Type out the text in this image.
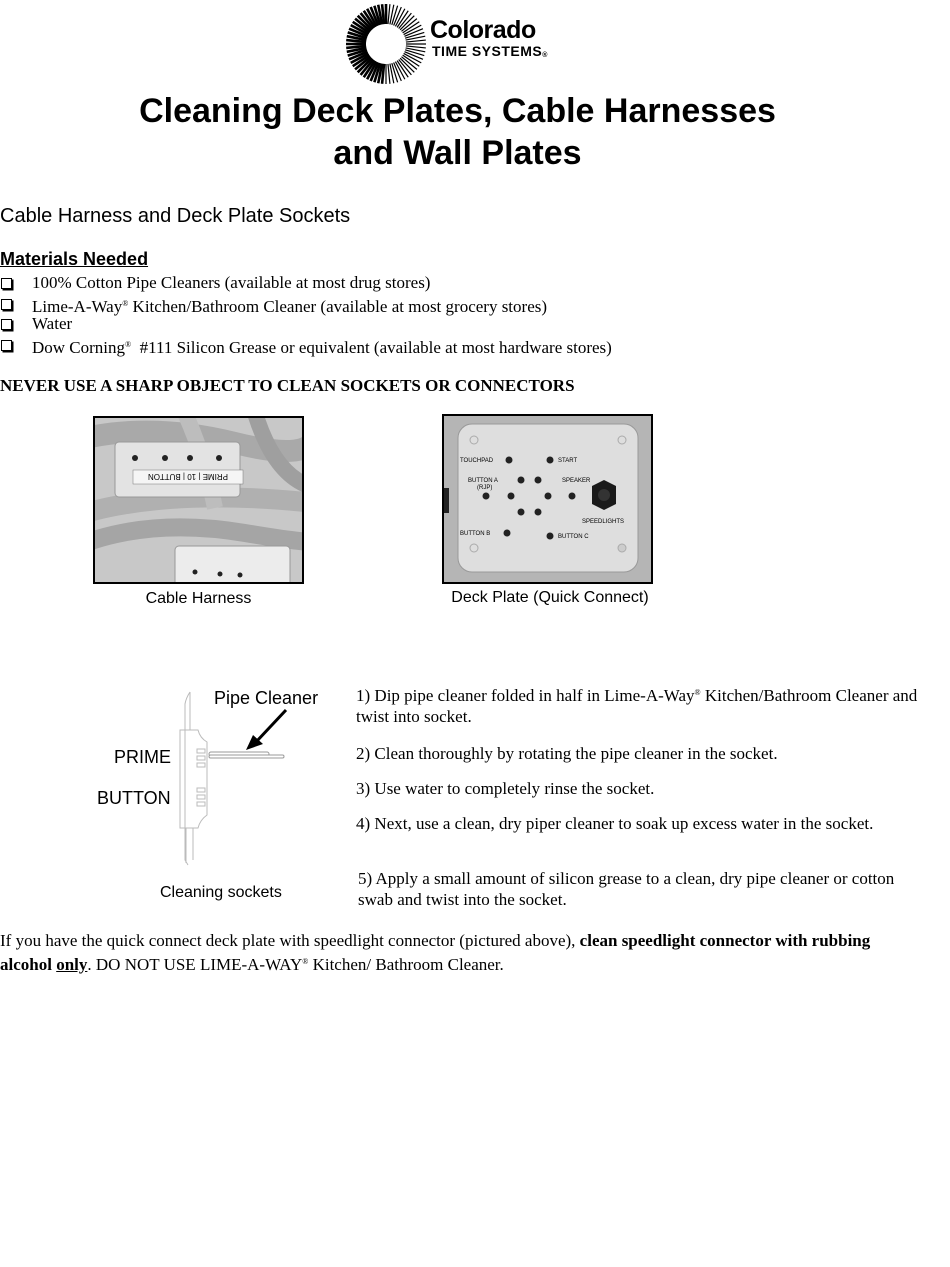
Colorado
TIME SYSTEMS®
Cleaning Deck Plates, Cable Harnesses
and Wall Plates
Cable Harness and Deck Plate Sockets
Materials Needed
100% Cotton Pipe Cleaners (available at most drug stores)
Lime-A-Way® Kitchen/Bathroom Cleaner (available at most grocery stores)
Water
Dow Corning®  #111 Silicon Grease or equivalent (available at most hardware stores)
NEVER USE A SHARP OBJECT TO CLEAN SOCKETS OR CONNECTORS
PRIME | 10 | BUTTON
Cable Harness
TOUCHPAD	START
BUTTON A
(RJP)
SPEAKER
SPEEDLIGHTS
BUTTON B	BUTTON C
Deck Plate (Quick Connect)
Pipe Cleaner
PRIME
BUTTON
Cleaning sockets

1) Dip pipe cleaner folded in half in Lime-A-Way® Kitchen/Bathroom Cleaner and twist into socket.

2) Clean thoroughly by rotating the pipe cleaner in the socket.

3) Use water to completely rinse the socket.

4) Next, use a clean, dry piper cleaner to soak up excess water in the socket.

5) Apply a small amount of silicon grease to a clean, dry pipe cleaner or cotton swab and twist into the socket.

If you have the quick connect deck plate with speedlight connector (pictured above), clean speedlight connector with rubbing alcohol only. DO NOT USE LIME-A-WAY® Kitchen/ Bathroom Cleaner.
